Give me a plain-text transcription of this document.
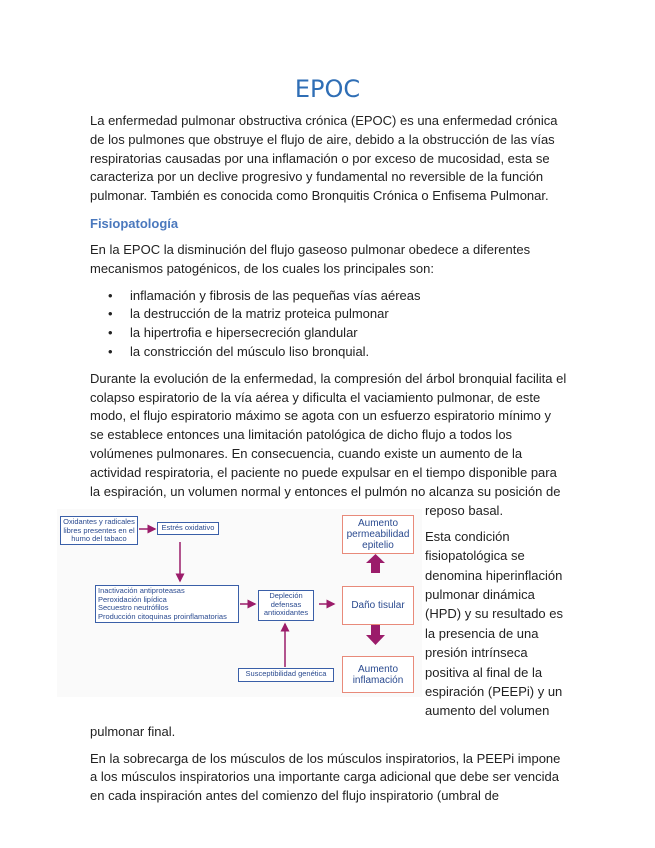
EPOC

La enfermedad pulmonar obstructiva crónica (EPOC) es una enfermedad crónica de los pulmones que obstruye el flujo de aire, debido a la obstrucción de las vías respiratorias causadas por una inflamación o por exceso de mucosidad, esta se caracteriza por un declive progresivo y fundamental no reversible de la función pulmonar. También es conocida como Bronquitis Crónica o Enfisema Pulmonar.

Fisiopatología

En la EPOC la disminución del flujo gaseoso pulmonar obedece a diferentes mecanismos patogénicos, de los cuales los principales son:

• inflamación y fibrosis de las pequeñas vías aéreas
• la destrucción de la matriz proteica pulmonar
• la hipertrofia e hipersecreción glandular
• la constricción del músculo liso bronquial.

Durante la evolución de la enfermedad, la compresión del árbol bronquial facilita el colapso espiratorio de la vía aérea y dificulta el vaciamiento pulmonar, de este modo, el flujo espiratorio máximo se agota con un esfuerzo espiratorio mínimo y se establece entonces una limitación patológica de dicho flujo a todos los volúmenes pulmonares. En consecuencia, cuando existe un aumento de la actividad respiratoria, el paciente no puede expulsar en el tiempo disponible para la espiración, un volumen normal y entonces el pulmón no alcanza su posición de

Oxidantes y radicales libres presentes en el humo del tabaco
Estrés oxidativo
Inactivación antiproteasas
Peroxidación lipídica
Secuestro neutrófilos
Producción citoquinas proinflamatorias
Depleción defensas antioxidantes
Susceptibilidad genética
Aumento permeabilidad epitelio
Daño tisular
Aumento inflamación
reposo basal.

Esta condición fisiopatológica se denomina hiperinflación pulmonar dinámica (HPD) y su resultado es la presencia de una presión intrínseca positiva al final de la espiración (PEEPi) y un aumento del volumen

pulmonar final.

En la sobrecarga de los músculos de los músculos inspiratorios, la PEEPi impone a los músculos inspiratorios una importante carga adicional que debe ser vencida en cada inspiración antes del comienzo del flujo inspiratorio (umbral de
